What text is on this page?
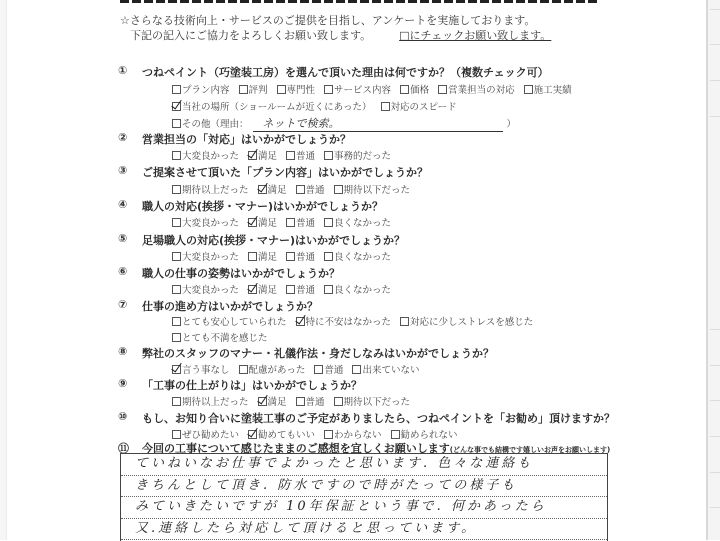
☆さらなる技術向上・サービスのご提供を目指し、アンケートを実施しております。
下記の記入にご協力をよろしくお願い致します。	□にチェックお願い致します。
① つねペイント（巧塗装工房）を選んで頂いた理由は何ですか？（複数チェック可）
プラン内容 評判 専門性 サービス内容 価格 営業担当の対応 施工実績
当社の場所（ショールームが近くにあった） 対応のスピード
その他（理由： ネットで検索。	）
② 営業担当の「対応」はいかがでしょうか？
大変良かった 満足 普通 事務的だった
③ ご提案させて頂いた「プラン内容」はいかがでしょうか？
期待以上だった 満足 普通 期待以下だった
④ 職人の対応(挨拶・マナー)はいかがでしょうか？
大変良かった 満足 普通 良くなかった
⑤ 足場職人の対応(挨拶・マナー)はいかがでしょうか？
大変良かった 満足 普通 良くなかった
⑥ 職人の仕事の姿勢はいかがでしょうか？
大変良かった 満足 普通 良くなかった
⑦ 仕事の進め方はいかがでしょうか？
とても安心していられた 特に不安はなかった 対応に少しストレスを感じた
とても不満を感じた
⑧ 弊社のスタッフのマナー・礼儀作法・身だしなみはいかがでしょうか？
言う事なし 配慮があった 普通 出来ていない
⑨ 「工事の仕上がりは」はいかがでしょうか？
期待以上だった 満足 普通 期待以下だった
⑩ もし、お知り合いに塗装工事のご予定がありましたら、つねペイントを「お勧め」頂けますか？
ぜひ勧めたい 勧めてもいい わからない 勧められない
⑪ 今回の工事について感じたままのご感想を宜しくお願いします(どんな事でも結構です嬉しいお声をお願いします)
ていねいなお仕事でよかったと思います. 色々な連絡も
きちんとして頂き. 防水ですので時がたっての様子も
みていきたいですが 10年保証という事で. 何かあったら
又.連絡したら対応して頂けると思っています。
